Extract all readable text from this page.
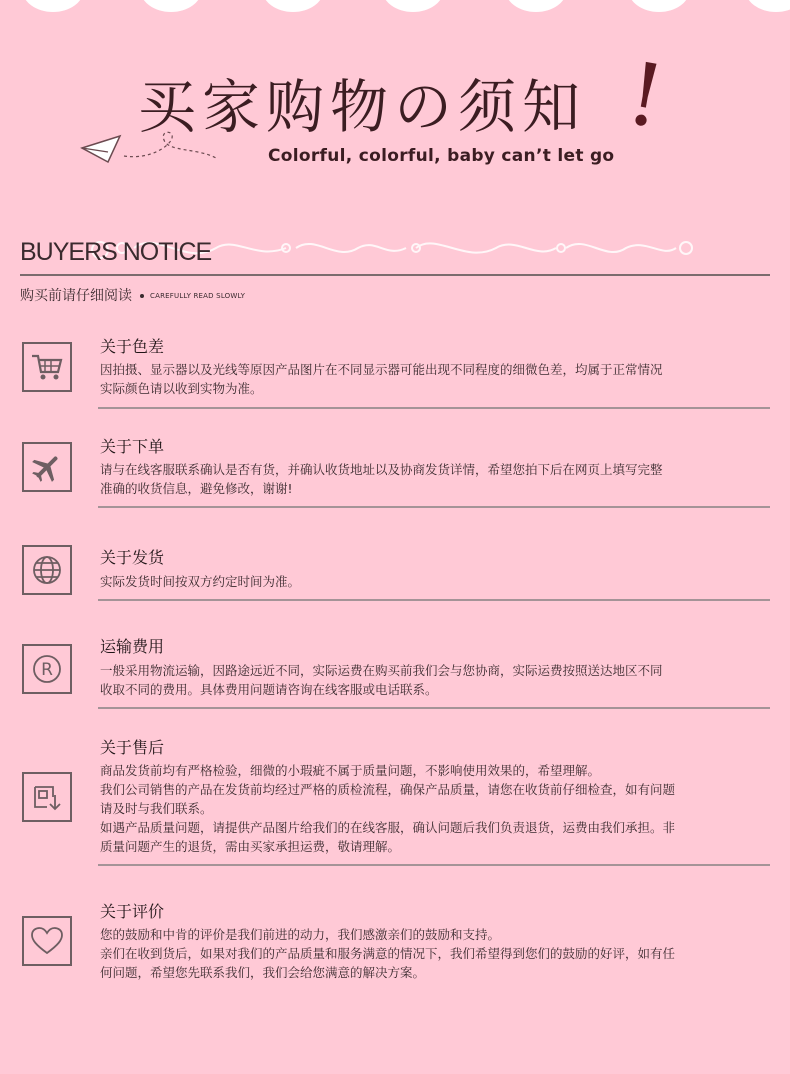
买家购物の须知 !
Colorful, colorful, baby can’t let go
BUYERS NOTICE
购买前请仔细阅读	CAREFULLY READ SLOWLY
关于色差

因拍摄、显示器以及光线等原因产品图片在不同显示器可能出现不同程度的细微色差，均属于正常情况

实际颜色请以收到实物为准。

关于下单

请与在线客服联系确认是否有货，并确认收货地址以及协商发货详情，希望您拍下后在网页上填写完整

准确的收货信息，避免修改，谢谢!

关于发货

实际发货时间按双方约定时间为准。

R
运输费用

一般采用物流运输，因路途远近不同，实际运费在购买前我们会与您协商，实际运费按照送达地区不同

收取不同的费用。具体费用问题请咨询在线客服或电话联系。

关于售后

商品发货前均有严格检验，细微的小瑕疵不属于质量问题，不影响使用效果的，希望理解。

我们公司销售的产品在发货前均经过严格的质检流程，确保产品质量，请您在收货前仔细检查，如有问题

请及时与我们联系。

如遇产品质量问题，请提供产品图片给我们的在线客服，确认问题后我们负责退货，运费由我们承担。非

质量问题产生的退货，需由买家承担运费，敬请理解。

关于评价

您的鼓励和中肯的评价是我们前进的动力，我们感激亲们的鼓励和支持。

亲们在收到货后，如果对我们的产品质量和服务满意的情况下，我们希望得到您们的鼓励的好评，如有任

何问题，希望您先联系我们，我们会给您满意的解决方案。
